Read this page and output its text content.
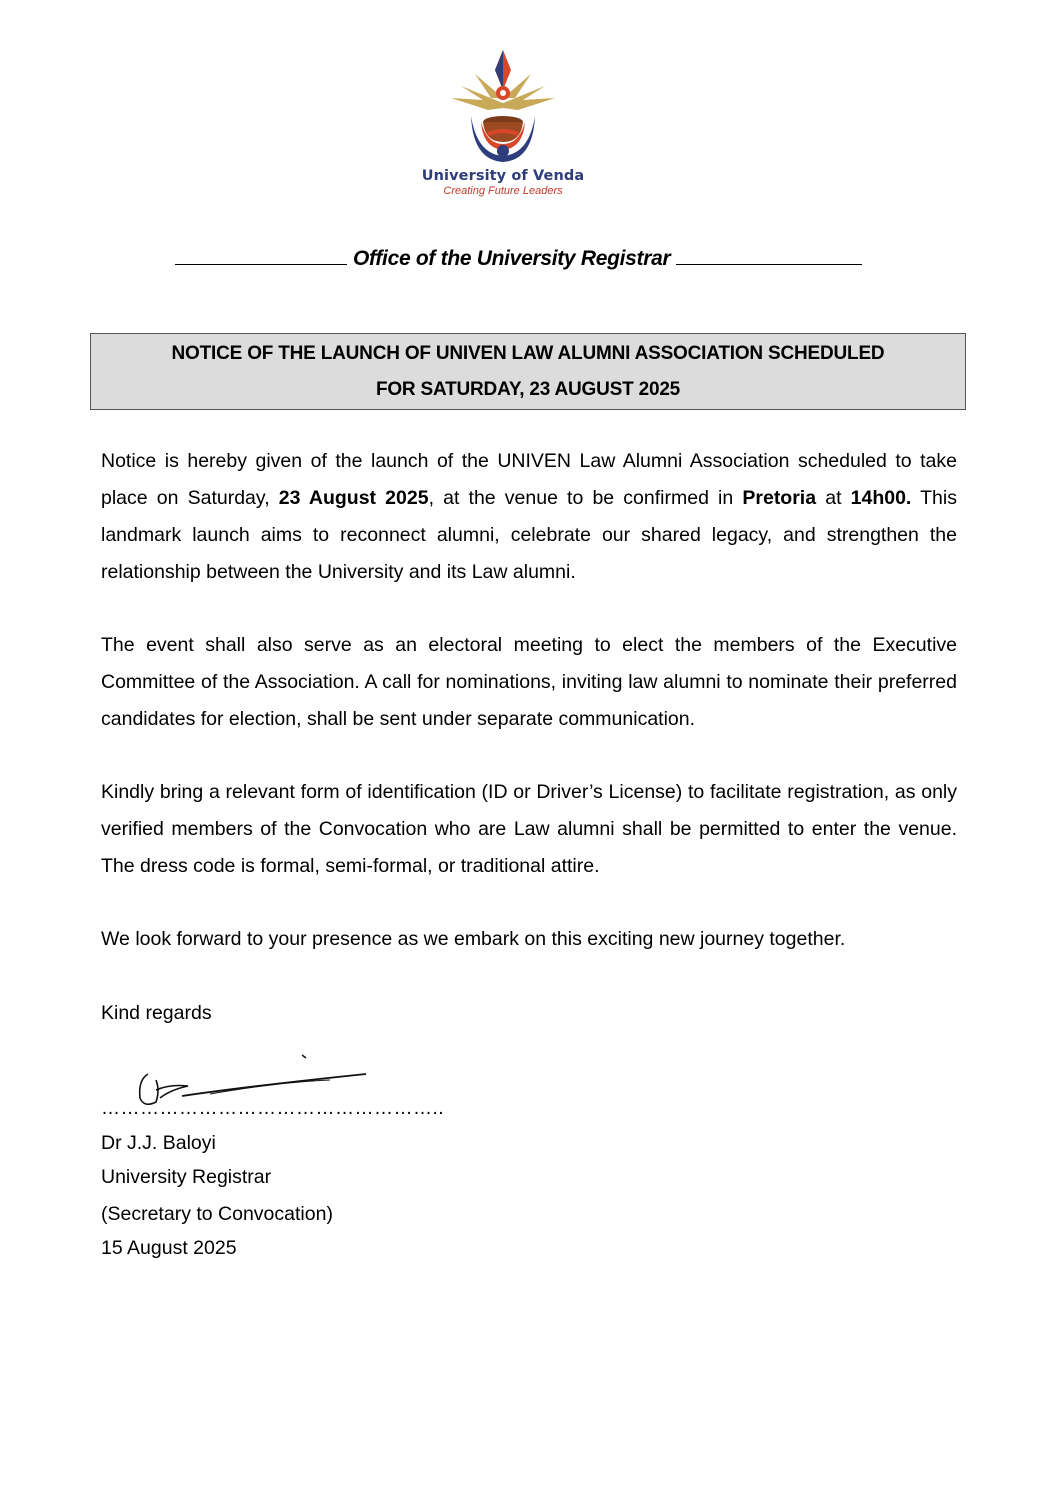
University of Venda
Creating Future Leaders
Office of the University Registrar
NOTICE OF THE LAUNCH OF UNIVEN LAW ALUMNI ASSOCIATION SCHEDULED
FOR SATURDAY, 23 AUGUST 2025

Notice is hereby given of the launch of the UNIVEN Law Alumni Association scheduled to take place on Saturday, 23 August 2025, at the venue to be confirmed in Pretoria at 14h00. This landmark launch aims to reconnect alumni, celebrate our shared legacy, and strengthen the relationship between the University and its Law alumni.

The event shall also serve as an electoral meeting to elect the members of the Executive Committee of the Association. A call for nominations, inviting law alumni to nominate their preferred candidates for election, shall be sent under separate communication.

Kindly bring a relevant form of identification (ID or Driver’s License) to facilitate registration, as only verified members of the Convocation who are Law alumni shall be permitted to enter the venue. The dress code is formal, semi-formal, or traditional attire.

We look forward to your presence as we embark on this exciting new journey together.

Kind regards

……………………………………………..
Dr J.J. Baloyi
University Registrar
(Secretary to Convocation)
15 August 2025
